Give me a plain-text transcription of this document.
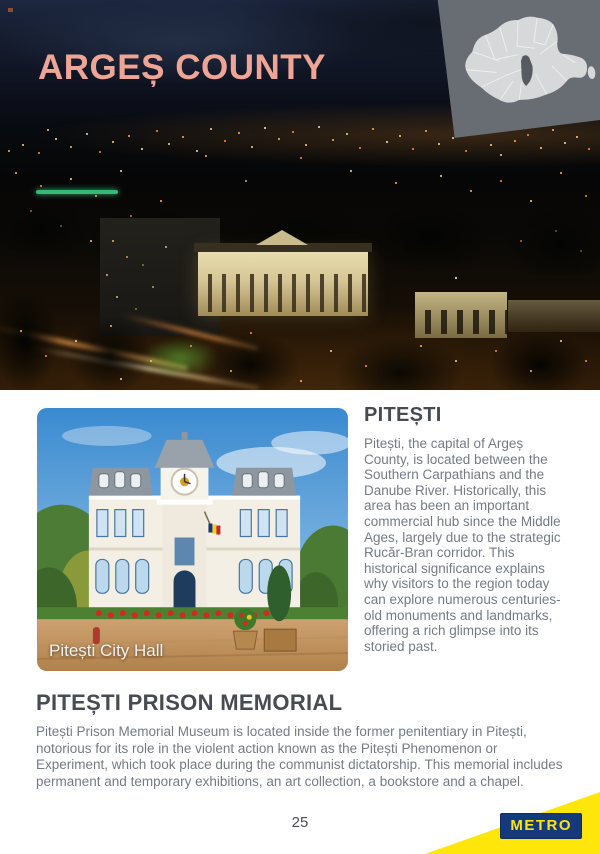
ARGEȘ COUNTY
Pitești City Hall
PITEȘTI

Pitești, the capital of Argeș County, is located between the Southern Carpathians and the Danube River. Historically, this area has been an important commercial hub since the Middle Ages, largely due to the strategic Rucăr-Bran corridor. This historical significance explains why visitors to the region today can explore numerous centuries-old monuments and landmarks, offering a rich glimpse into its storied past.

PITEȘTI PRISON MEMORIAL

Pitești Prison Memorial Museum is located inside the former penitentiary in Pitești, notorious for its role in the violent action known as the Pitești Phenomenon or Experiment, which took place during the communist dictatorship. This memorial includes permanent and temporary exhibitions, an art collection, a bookstore and a chapel.

25	METRO
